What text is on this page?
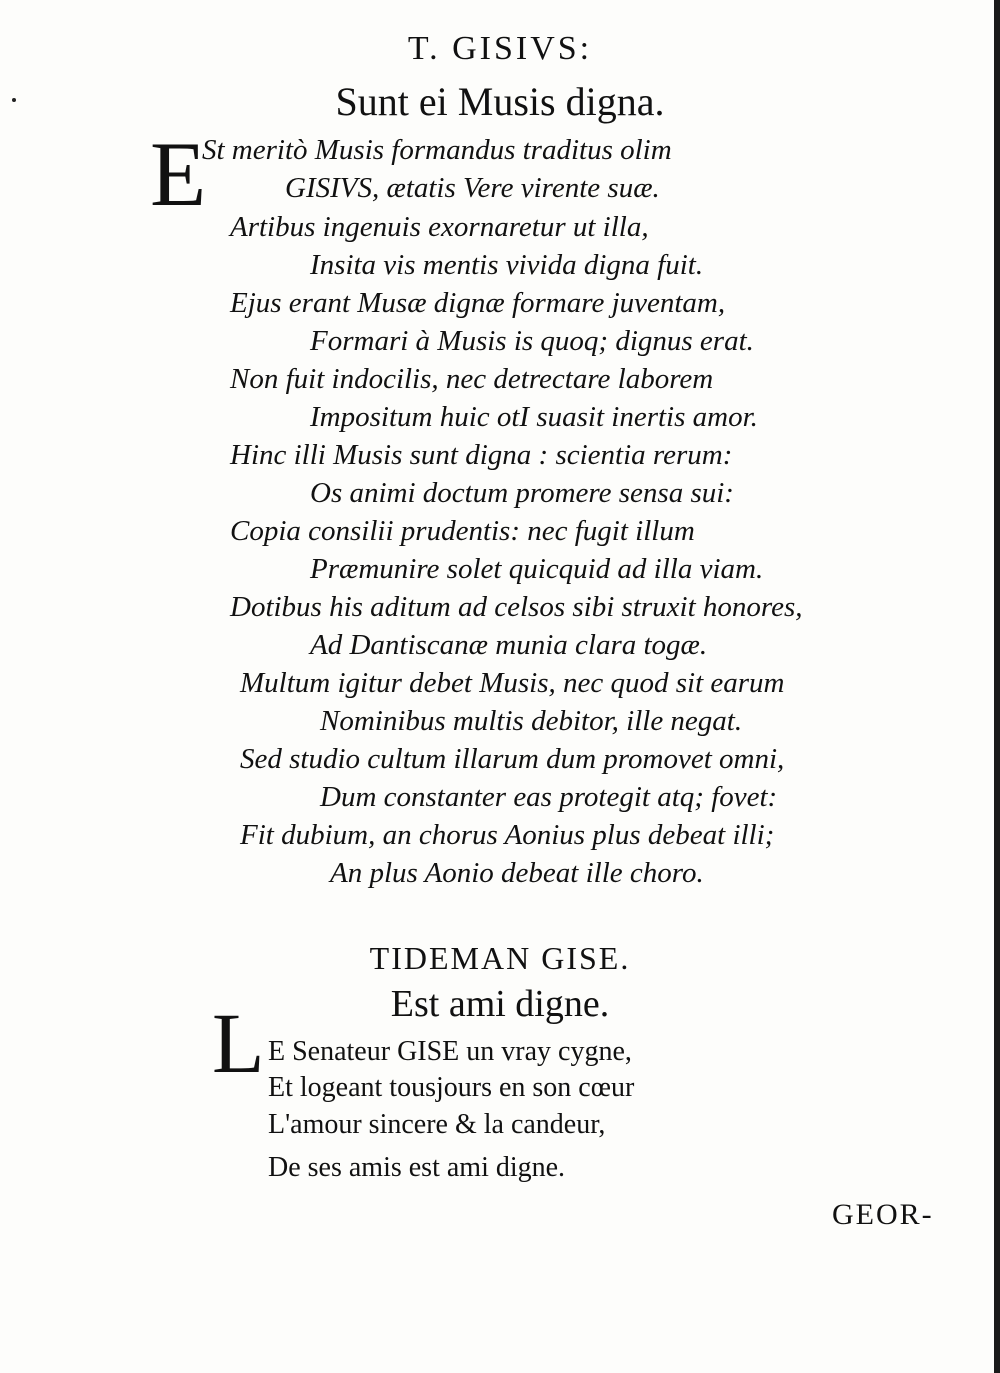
T. GISIVS:
Sunt ei Musis digna.
E
St meritò Musis formandus traditus olim
GISIVS, ætatis Vere virente suæ.
Artibus ingenuis exornaretur ut illa,
Insita vis mentis vivida digna fuit.
Ejus erant Musæ dignæ formare juventam,
Formari à Musis is quoq; dignus erat.
Non fuit indocilis, nec detrectare laborem
Impositum huic otI suasit inertis amor.
Hinc illi Musis sunt digna : scientia rerum:
Os animi doctum promere sensa sui:
Copia consilii prudentis: nec fugit illum
Præmunire solet quicquid ad illa viam.
Dotibus his aditum ad celsos sibi struxit honores,
Ad Dantiscanæ munia clara togæ.
Multum igitur debet Musis, nec quod sit earum
Nominibus multis debitor, ille negat.
Sed studio cultum illarum dum promovet omni,
Dum constanter eas protegit atq; fovet:
Fit dubium, an chorus Aonius plus debeat illi;
An plus Aonio debeat ille choro.
TIDEMAN GISE.
Est ami digne.
L E Senateur GISE un vray cygne,
Et logeant tousjours en son cœur
L'amour sincere & la candeur,
De ses amis est ami digne.
GEOR-
